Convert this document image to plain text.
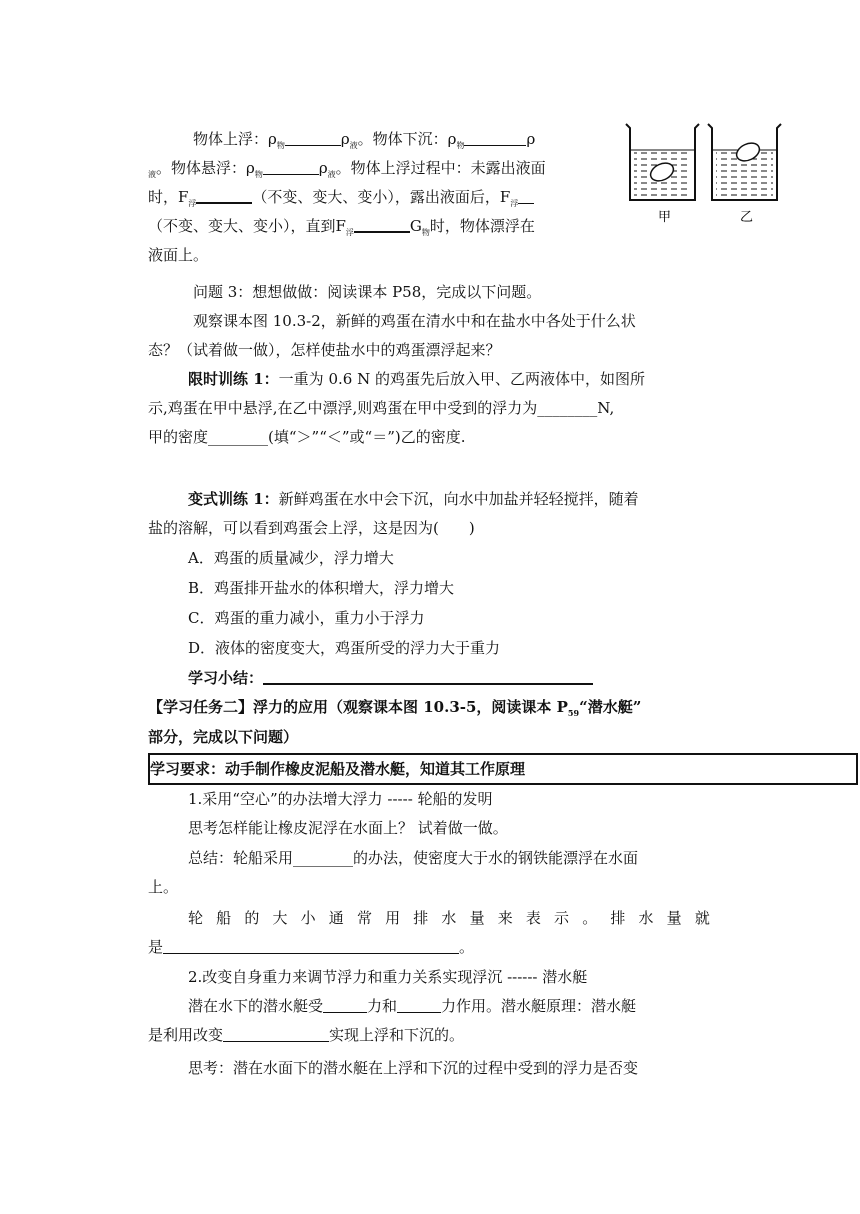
物体上浮：$\rho_物$	$\rho_液$。物体下沉：$\rho_物$	ρ
$_液$。物体悬浮：$\rho_物$	$\rho_液$。物体上浮过程中：未露出液面
时，$F_浮$	（不变、变大、变小），露出液面后，$F_浮$
（不变、变大、变小），直到$F_浮$	$G_物$时，物体漂浮在
液面上。
甲	乙
问题 3：想想做做：阅读课本 P58，完成以下问题。
观察课本图 10.3-2，新鲜的鸡蛋在清水中和在盐水中各处于什么状
态？（试着做一做），怎样使盐水中的鸡蛋漂浮起来？
限时训练 1：一重为 0.6 N 的鸡蛋先后放入甲、乙两液体中，如图所
示,鸡蛋在甲中悬浮,在乙中漂浮,则鸡蛋在甲中受到的浮力为________N,
甲的密度________(填“＞”“＜”或“＝”)乙的密度.
变式训练 1：新鲜鸡蛋在水中会下沉，向水中加盐并轻轻搅拌，随着
盐的溶解，可以看到鸡蛋会上浮，这是因为(　　)
A．鸡蛋的质量减少，浮力增大
B．鸡蛋排开盐水的体积增大，浮力增大
C．鸡蛋的重力减小，重力小于浮力
D．液体的密度变大，鸡蛋所受的浮力大于重力
学习小结：
【学习任务二】浮力的应用（观察课本图 10.3-5，阅读课本 $P_{59}“$潜水艇”
部分，完成以下问题）
学习要求：动手制作橡皮泥船及潜水艇，知道其工作原理
1.采用“空心”的办法增大浮力 ----- 轮船的发明
思考怎样能让橡皮泥浮在水面上？ 试着做一做。
总结：轮船采用________的办法，使密度大于水的钢铁能漂浮在水面
上。
轮 船 的 大 小 通 常 用 排 水 量 来 表 示 。 排 水 量 就
是	。
2.改变自身重力来调节浮力和重力关系实现浮沉 ------ 潜水艇
潜在水下的潜水艇受	力和	力作用。潜水艇原理：潜水艇
是利用改变	实现上浮和下沉的。
思考：潜在水面下的潜水艇在上浮和下沉的过程中受到的浮力是否变
